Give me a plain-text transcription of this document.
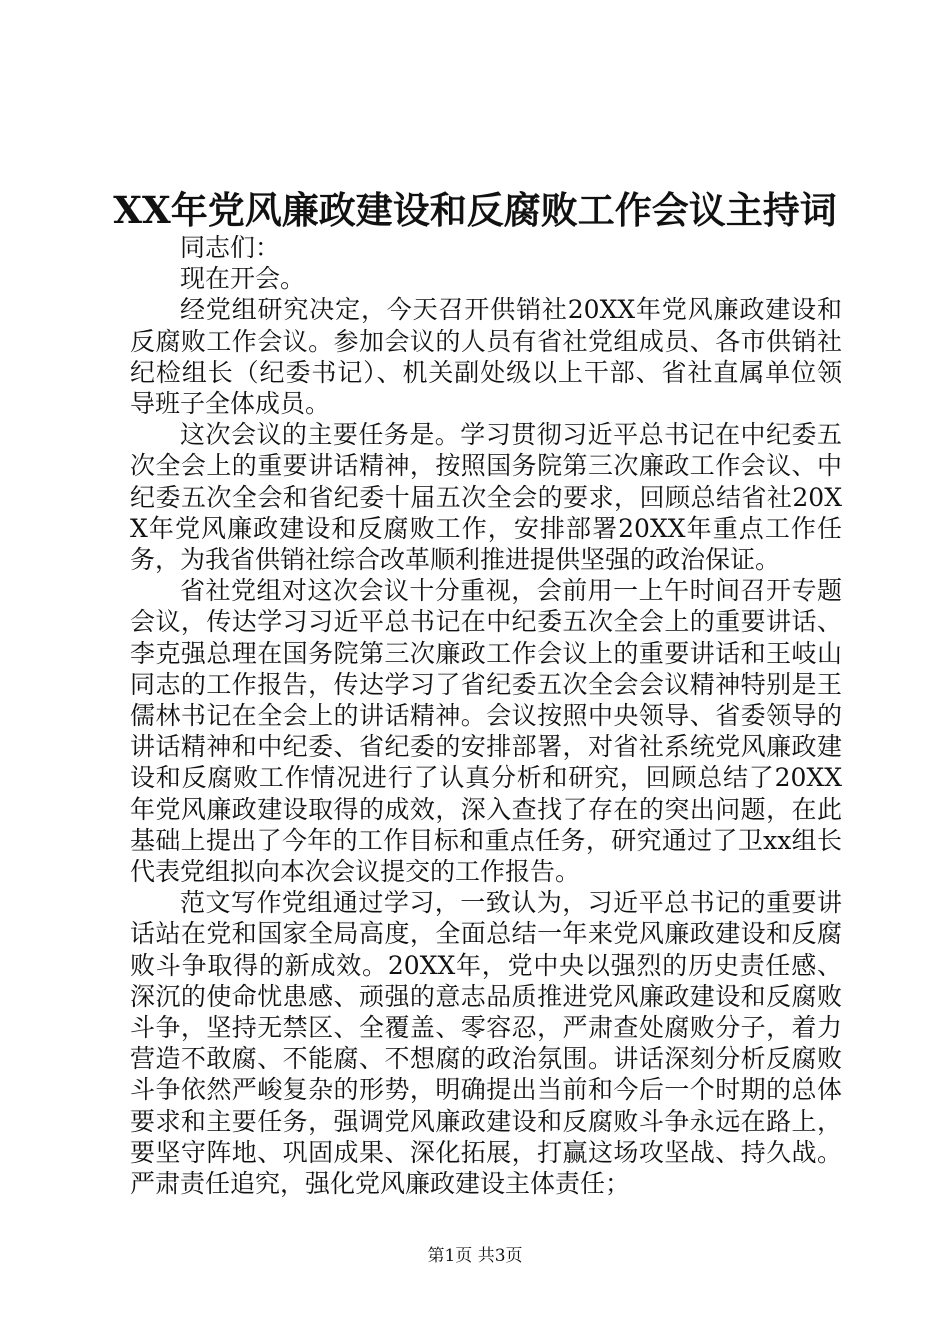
XX年党风廉政建设和反腐败工作会议主持词

同志们：

现在开会。

经党组研究决定，今天召开供销社20XX年党风廉政建设和反腐败工作会议。参加会议的人员有省社党组成员、各市供销社纪检组长（纪委书记）、机关副处级以上干部、省社直属单位领导班子全体成员。

这次会议的主要任务是。学习贯彻习近平总书记在中纪委五次全会上的重要讲话精神，按照国务院第三次廉政工作会议、中纪委五次全会和省纪委十届五次全会的要求，回顾总结省社20XX年党风廉政建设和反腐败工作，安排部署20XX年重点工作任务，为我省供销社综合改革顺利推进提供坚强的政治保证。

省社党组对这次会议十分重视，会前用一上午时间召开专题会议，传达学习习近平总书记在中纪委五次全会上的重要讲话、李克强总理在国务院第三次廉政工作会议上的重要讲话和王岐山同志的工作报告，传达学习了省纪委五次全会会议精神特别是王儒林书记在全会上的讲话精神。会议按照中央领导、省委领导的讲话精神和中纪委、省纪委的安排部署，对省社系统党风廉政建设和反腐败工作情况进行了认真分析和研究，回顾总结了20XX年党风廉政建设取得的成效，深入查找了存在的突出问题，在此基础上提出了今年的工作目标和重点任务，研究通过了卫xx组长代表党组拟向本次会议提交的工作报告。

范文写作党组通过学习，一致认为，习近平总书记的重要讲话站在党和国家全局高度，全面总结一年来党风廉政建设和反腐败斗争取得的新成效。20XX年，党中央以强烈的历史责任感、深沉的使命忧患感、顽强的意志品质推进党风廉政建设和反腐败斗争，坚持无禁区、全覆盖、零容忍，严肃查处腐败分子，着力营造不敢腐、不能腐、不想腐的政治氛围。讲话深刻分析反腐败斗争依然严峻复杂的形势，明确提出当前和今后一个时期的总体要求和主要任务，强调党风廉政建设和反腐败斗争永远在路上，要坚守阵地、巩固成果、深化拓展，打赢这场攻坚战、持久战。严肃责任追究，强化党风廉政建设主体责任；

第1页 共3页
